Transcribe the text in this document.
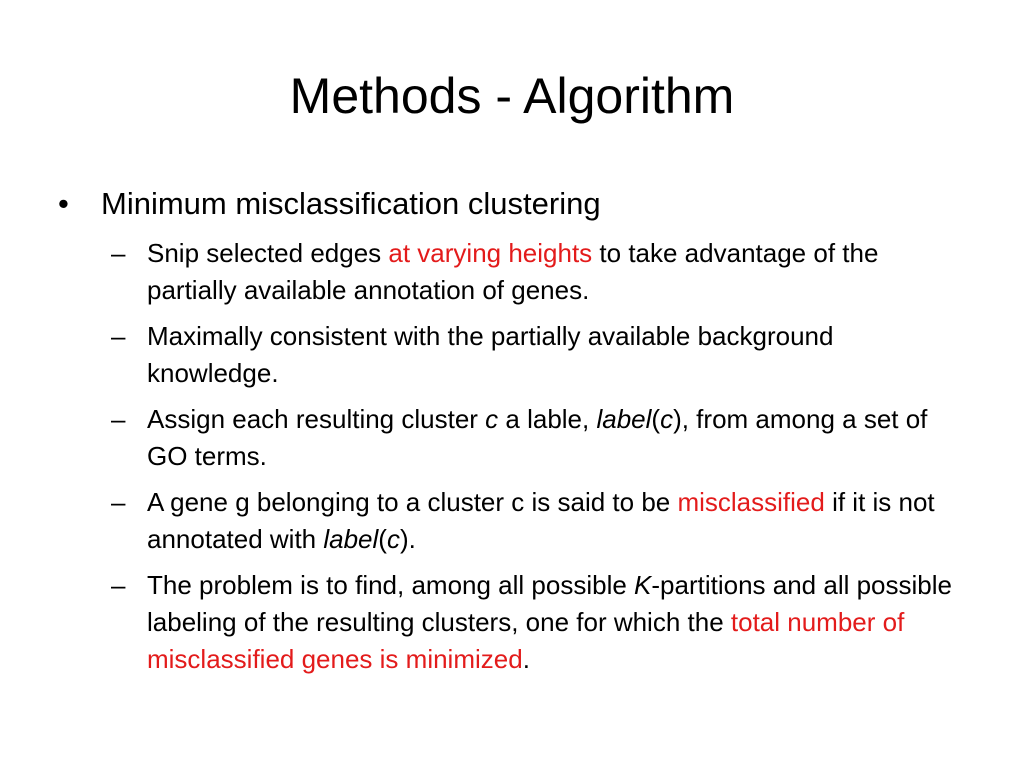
Methods - Algorithm
•	Minimum misclassification clustering
– Snip selected edges at varying heights to take advantage of the partially available annotation of genes.
– Maximally consistent with the partially available background knowledge.
– Assign each resulting cluster c a lable, label(c), from among a set of GO terms.
– A gene g belonging to a cluster c is said to be misclassified if it is not annotated with label(c).
– The problem is to find, among all possible K-partitions and all possible labeling of the resulting clusters, one for which the total number of misclassified genes is minimized.
